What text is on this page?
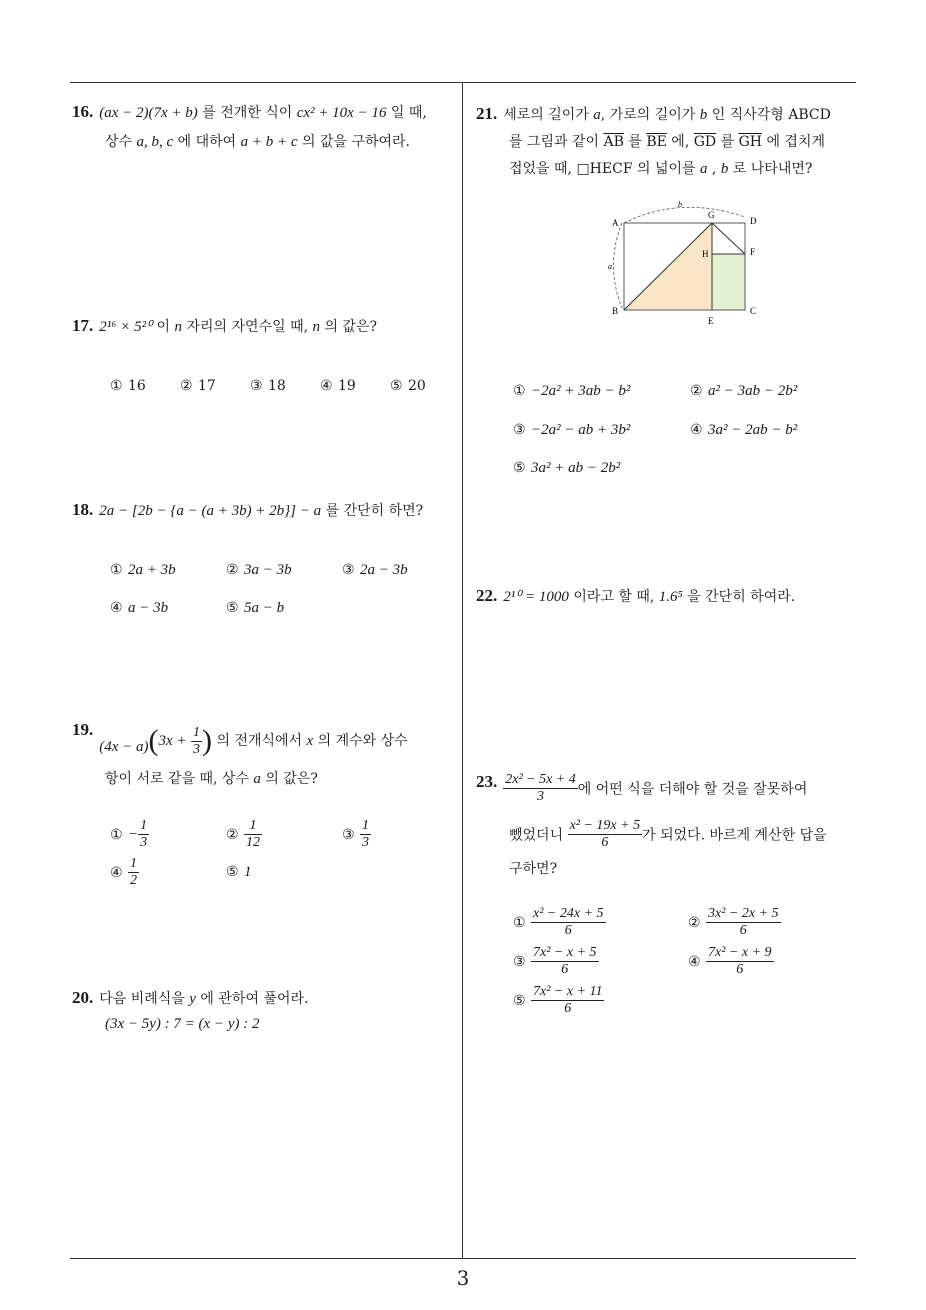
3
16. (ax − 2)(7x + b) 를 전개한 식이 cx² + 10x − 16 일 때,
상수 a, b, c 에 대하여 a + b + c 의 값을 구하여라.
17. 2¹⁶ × 5²⁰ 이 n 자리의 자연수일 때, n 의 값은?
① 16 ② 17 ③ 18 ④ 19 ⑤ 20
18. 2a − [2b − {a − (a + 3b) + 2b}] − a 를 간단히 하면?
① 2a + 3b	② 3a − 3b	③ 2a − 3b
④ a − 3b	⑤ 5a − b
$19.(4x - a)(3x + \frac{1}{3}$ ) 의 전개식에서 x 의 계수와 상수
항이 서로 같을 때, 상수 a 의 값은?
① − $\frac{1}{3}$	② $\frac{1}{12}$	③ $\frac{1}{3}$
④ $\frac{1}{2}$	⑤ 1
20. 다음 비례식을 y 에 관하여 풀어라.
(3x − 5y) : 7 = (x − y) : 2
21. 세로의 길이가 a, 가로의 길이가 b 인 직사각형 ABCD
를 그림과 같이 $\overline{AB}$ 를 $\overline{BE}$ 에, $\overline{GD}$ 를 $\overline{GH}$ 에 겹치게
접었을 때, □HECF 의 넓이를 a , b 로 나타내면?
A
B	C
D
E
F
G
H
a
b
① −2a² + 3ab − b²	② a² − 3ab − 2b²
③ −2a² − ab + 3b²	④ 3a² − 2ab − b²
⑤ 3a² + ab − 2b²
22. 2¹⁰ = 1000 이라고 할 때, 1.6⁵ 을 간단히 하여라.
23. $\frac{\text{2x² − 5x + 4}}{3}$ 에 어떤 식을 더해야 할 것을 잘못하여
뺐었더니 $\frac{\text{x² − 19x + 5}}{6}$ 가 되었다. 바르게 계산한 답을
구하면?
① $\frac{\text{x² − 24x + 5}}{6}$	② $\frac{\text{3x² − 2x + 5}}{6}$
③ $\frac{\text{7x² − x + 5}}{6}$	④ $\frac{\text{7x² − x + 9}}{6}$
⑤ $\frac{\text{7x² − x + 11}}{6}$
